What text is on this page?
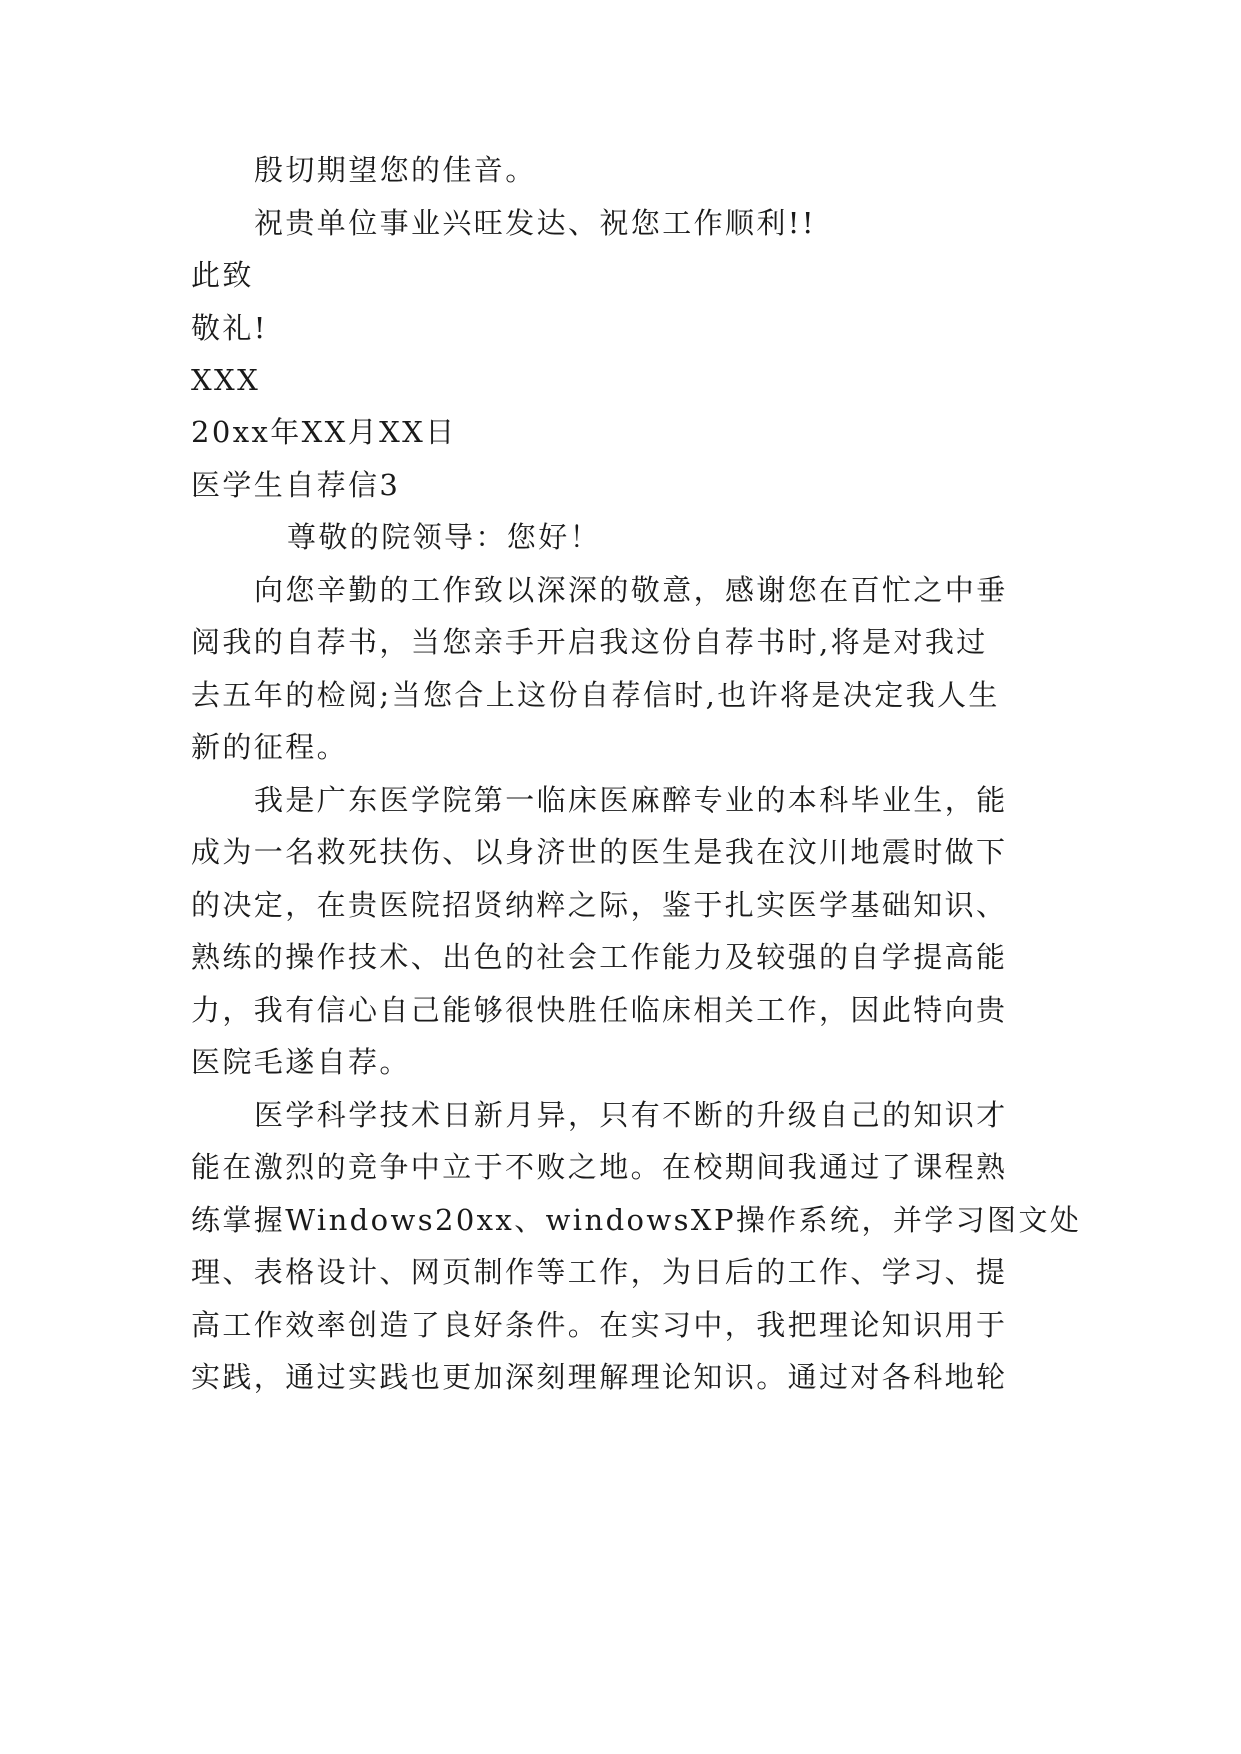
殷切期望您的佳音。
祝贵单位事业兴旺发达、祝您工作顺利!!
此致
敬礼!
XXX
20xx年XX月XX日
医学生自荐信3
尊敬的院领导：您好！
向您辛勤的工作致以深深的敬意，感谢您在百忙之中垂
阅我的自荐书，当您亲手开启我这份自荐书时,将是对我过
去五年的检阅;当您合上这份自荐信时,也许将是决定我人生
新的征程。
我是广东医学院第一临床医麻醉专业的本科毕业生，能
成为一名救死扶伤、以身济世的医生是我在汶川地震时做下
的决定，在贵医院招贤纳粹之际，鉴于扎实医学基础知识、
熟练的操作技术、出色的社会工作能力及较强的自学提高能
力，我有信心自己能够很快胜任临床相关工作，因此特向贵
医院毛遂自荐。
医学科学技术日新月异，只有不断的升级自己的知识才
能在激烈的竞争中立于不败之地。在校期间我通过了课程熟
练掌握Windows20xx、windowsXP操作系统，并学习图文处
理、表格设计、网页制作等工作，为日后的工作、学习、提
高工作效率创造了良好条件。在实习中，我把理论知识用于
实践，通过实践也更加深刻理解理论知识。通过对各科地轮
